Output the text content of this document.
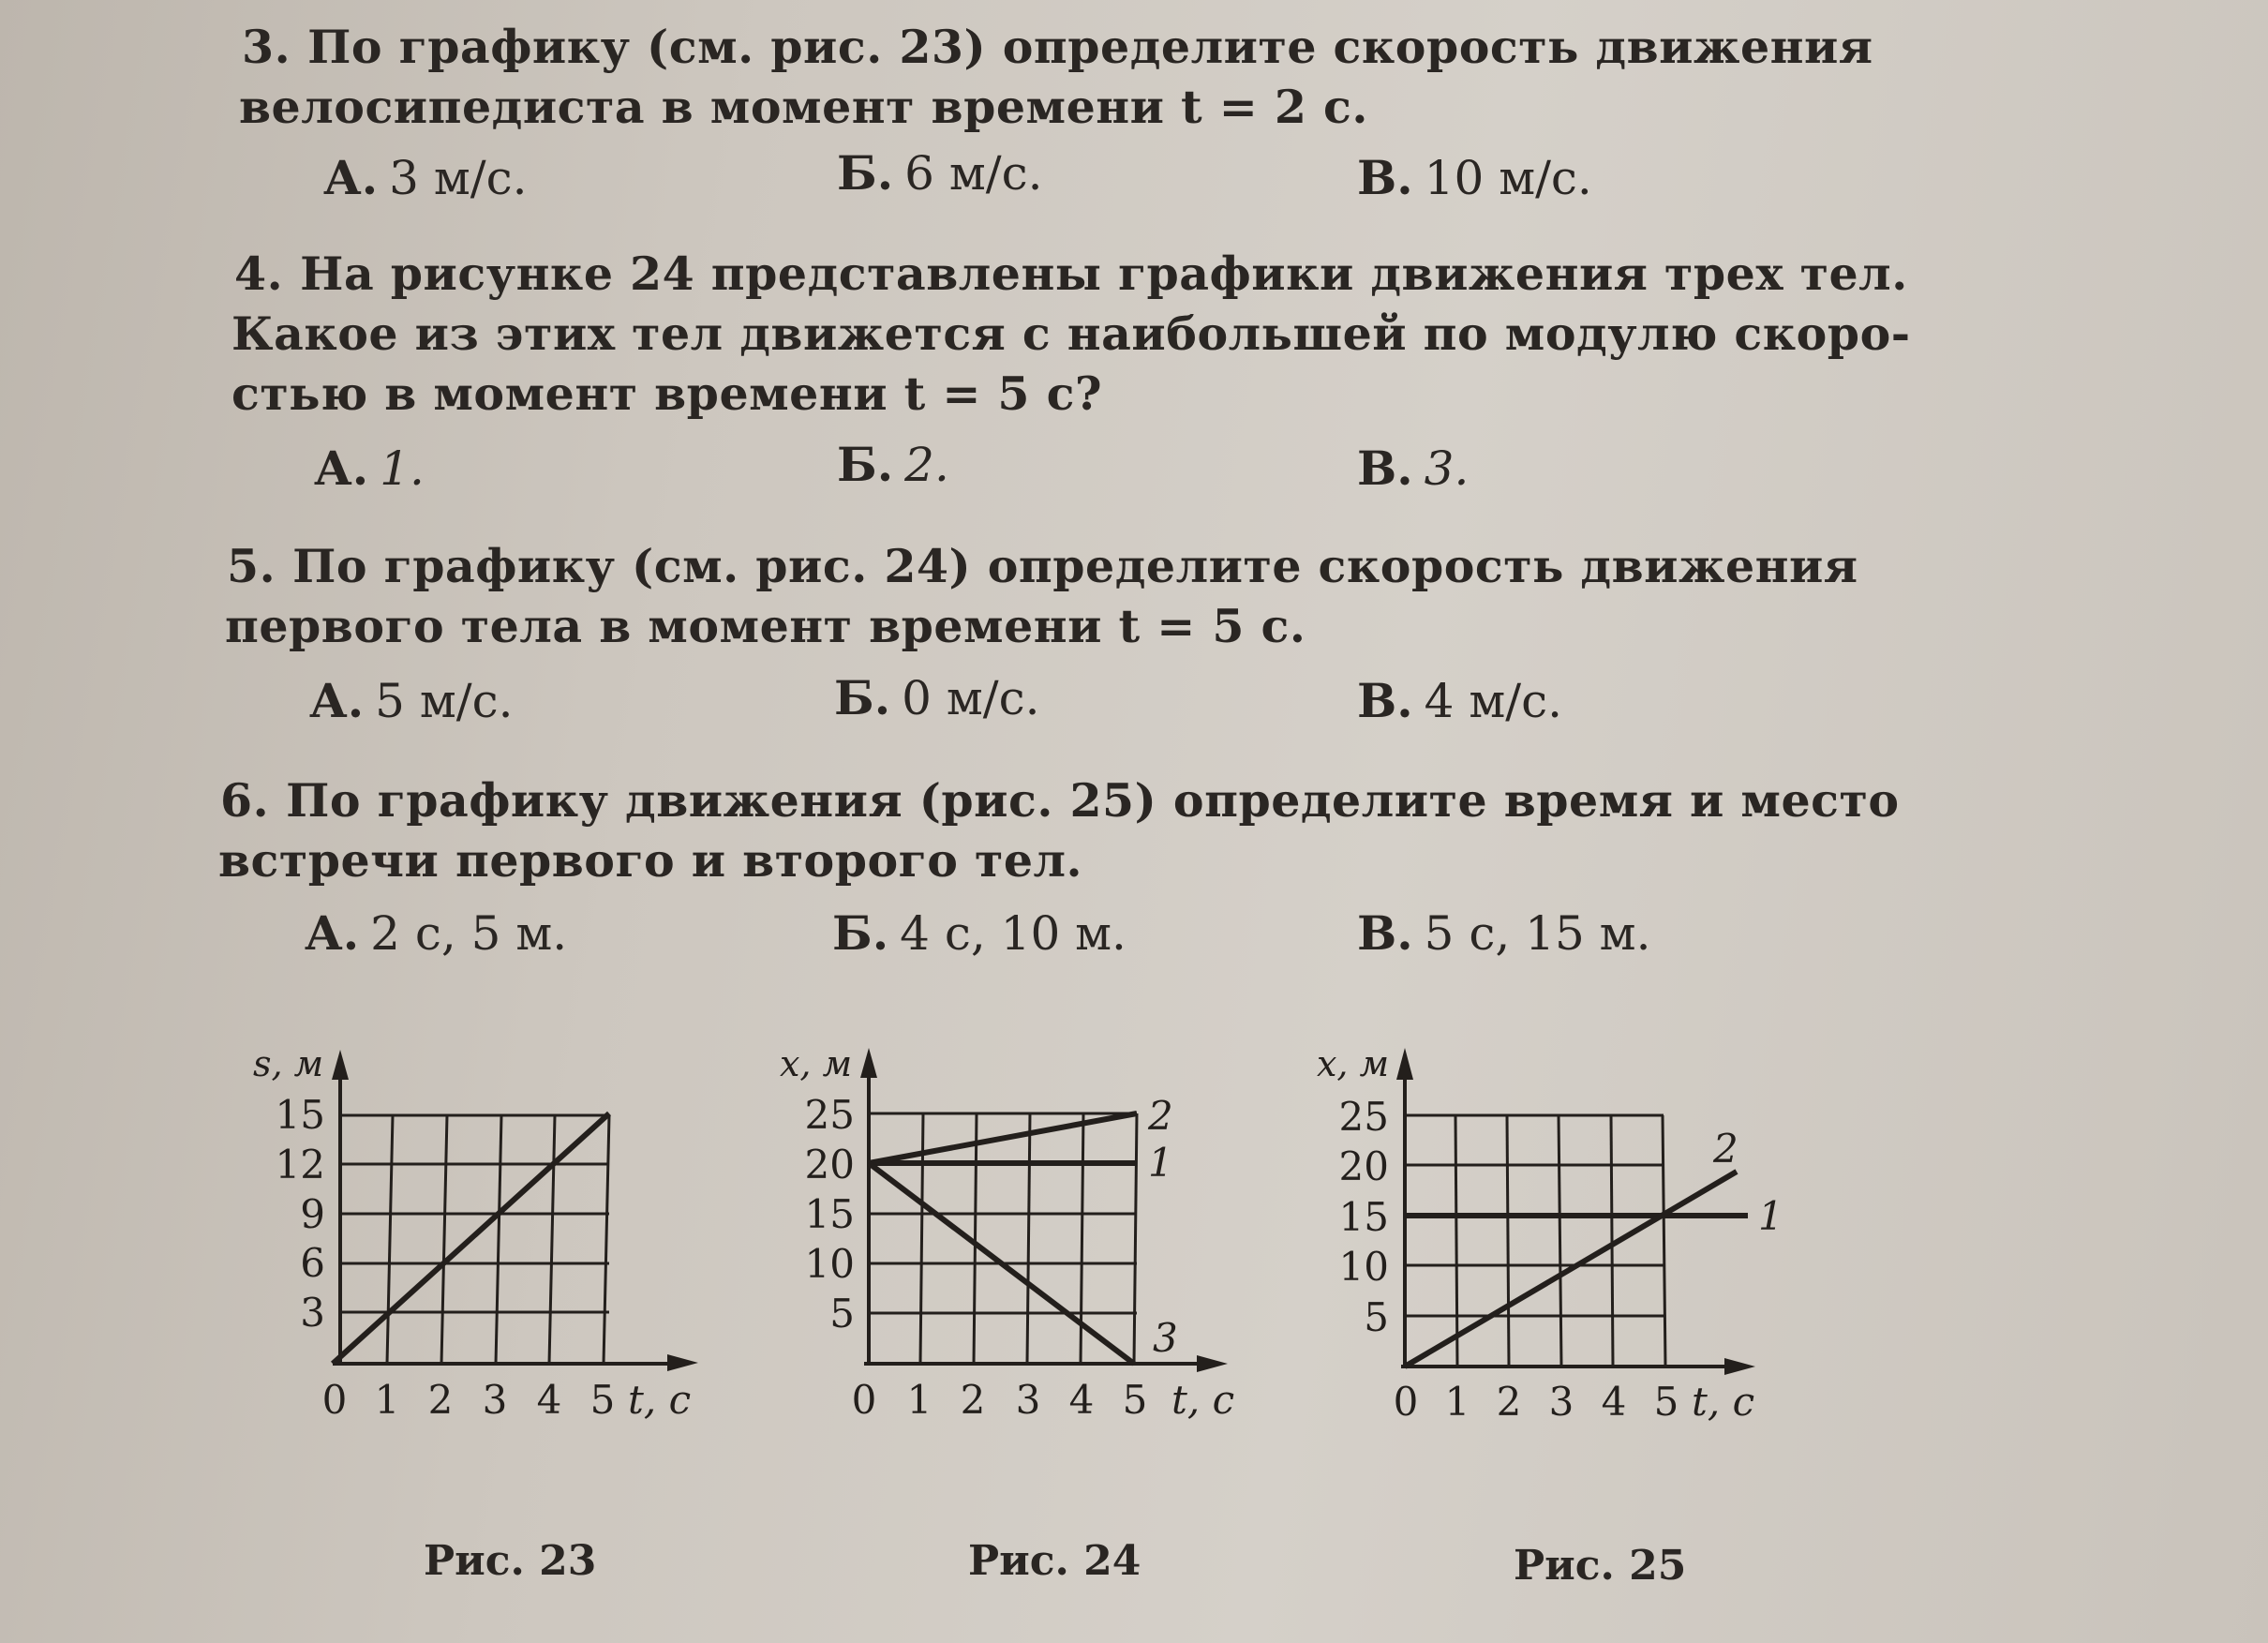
3. По графику (см. рис. 23) определите скорость движения
велосипедиста в момент времени t = 2 с.
А. 3 м/с.	Б. 6 м/с.	В. 10 м/с.
4. На рисунке 24 представлены графики движения трех тел.
Какое из этих тел движется с наибольшей по модулю скоро-
стью в момент времени t = 5 с?
А. 1.	Б. 2.	В. 3.
5. По графику (см. рис. 24) определите скорость движения
первого тела в момент времени t = 5 с.
А. 5 м/с.	Б. 0 м/с.	В. 4 м/с.
6. По графику движения (рис. 25) определите время и место
встречи первого и второго тел.
А. 2 с, 5 м.	Б. 4 с, 10 м.	В. 5 с, 15 м.
s, м
15
12
9
6
3
0 1 2 3 4 5 t, с
Рис. 23
2
1
3
x, м
25
20
15
10
5
0 1 2 3 4 5 t, с
Рис. 24
2
1
x, м
25
20
15
10
5
0 1 2 3 4 5 t, с
Рис. 25
